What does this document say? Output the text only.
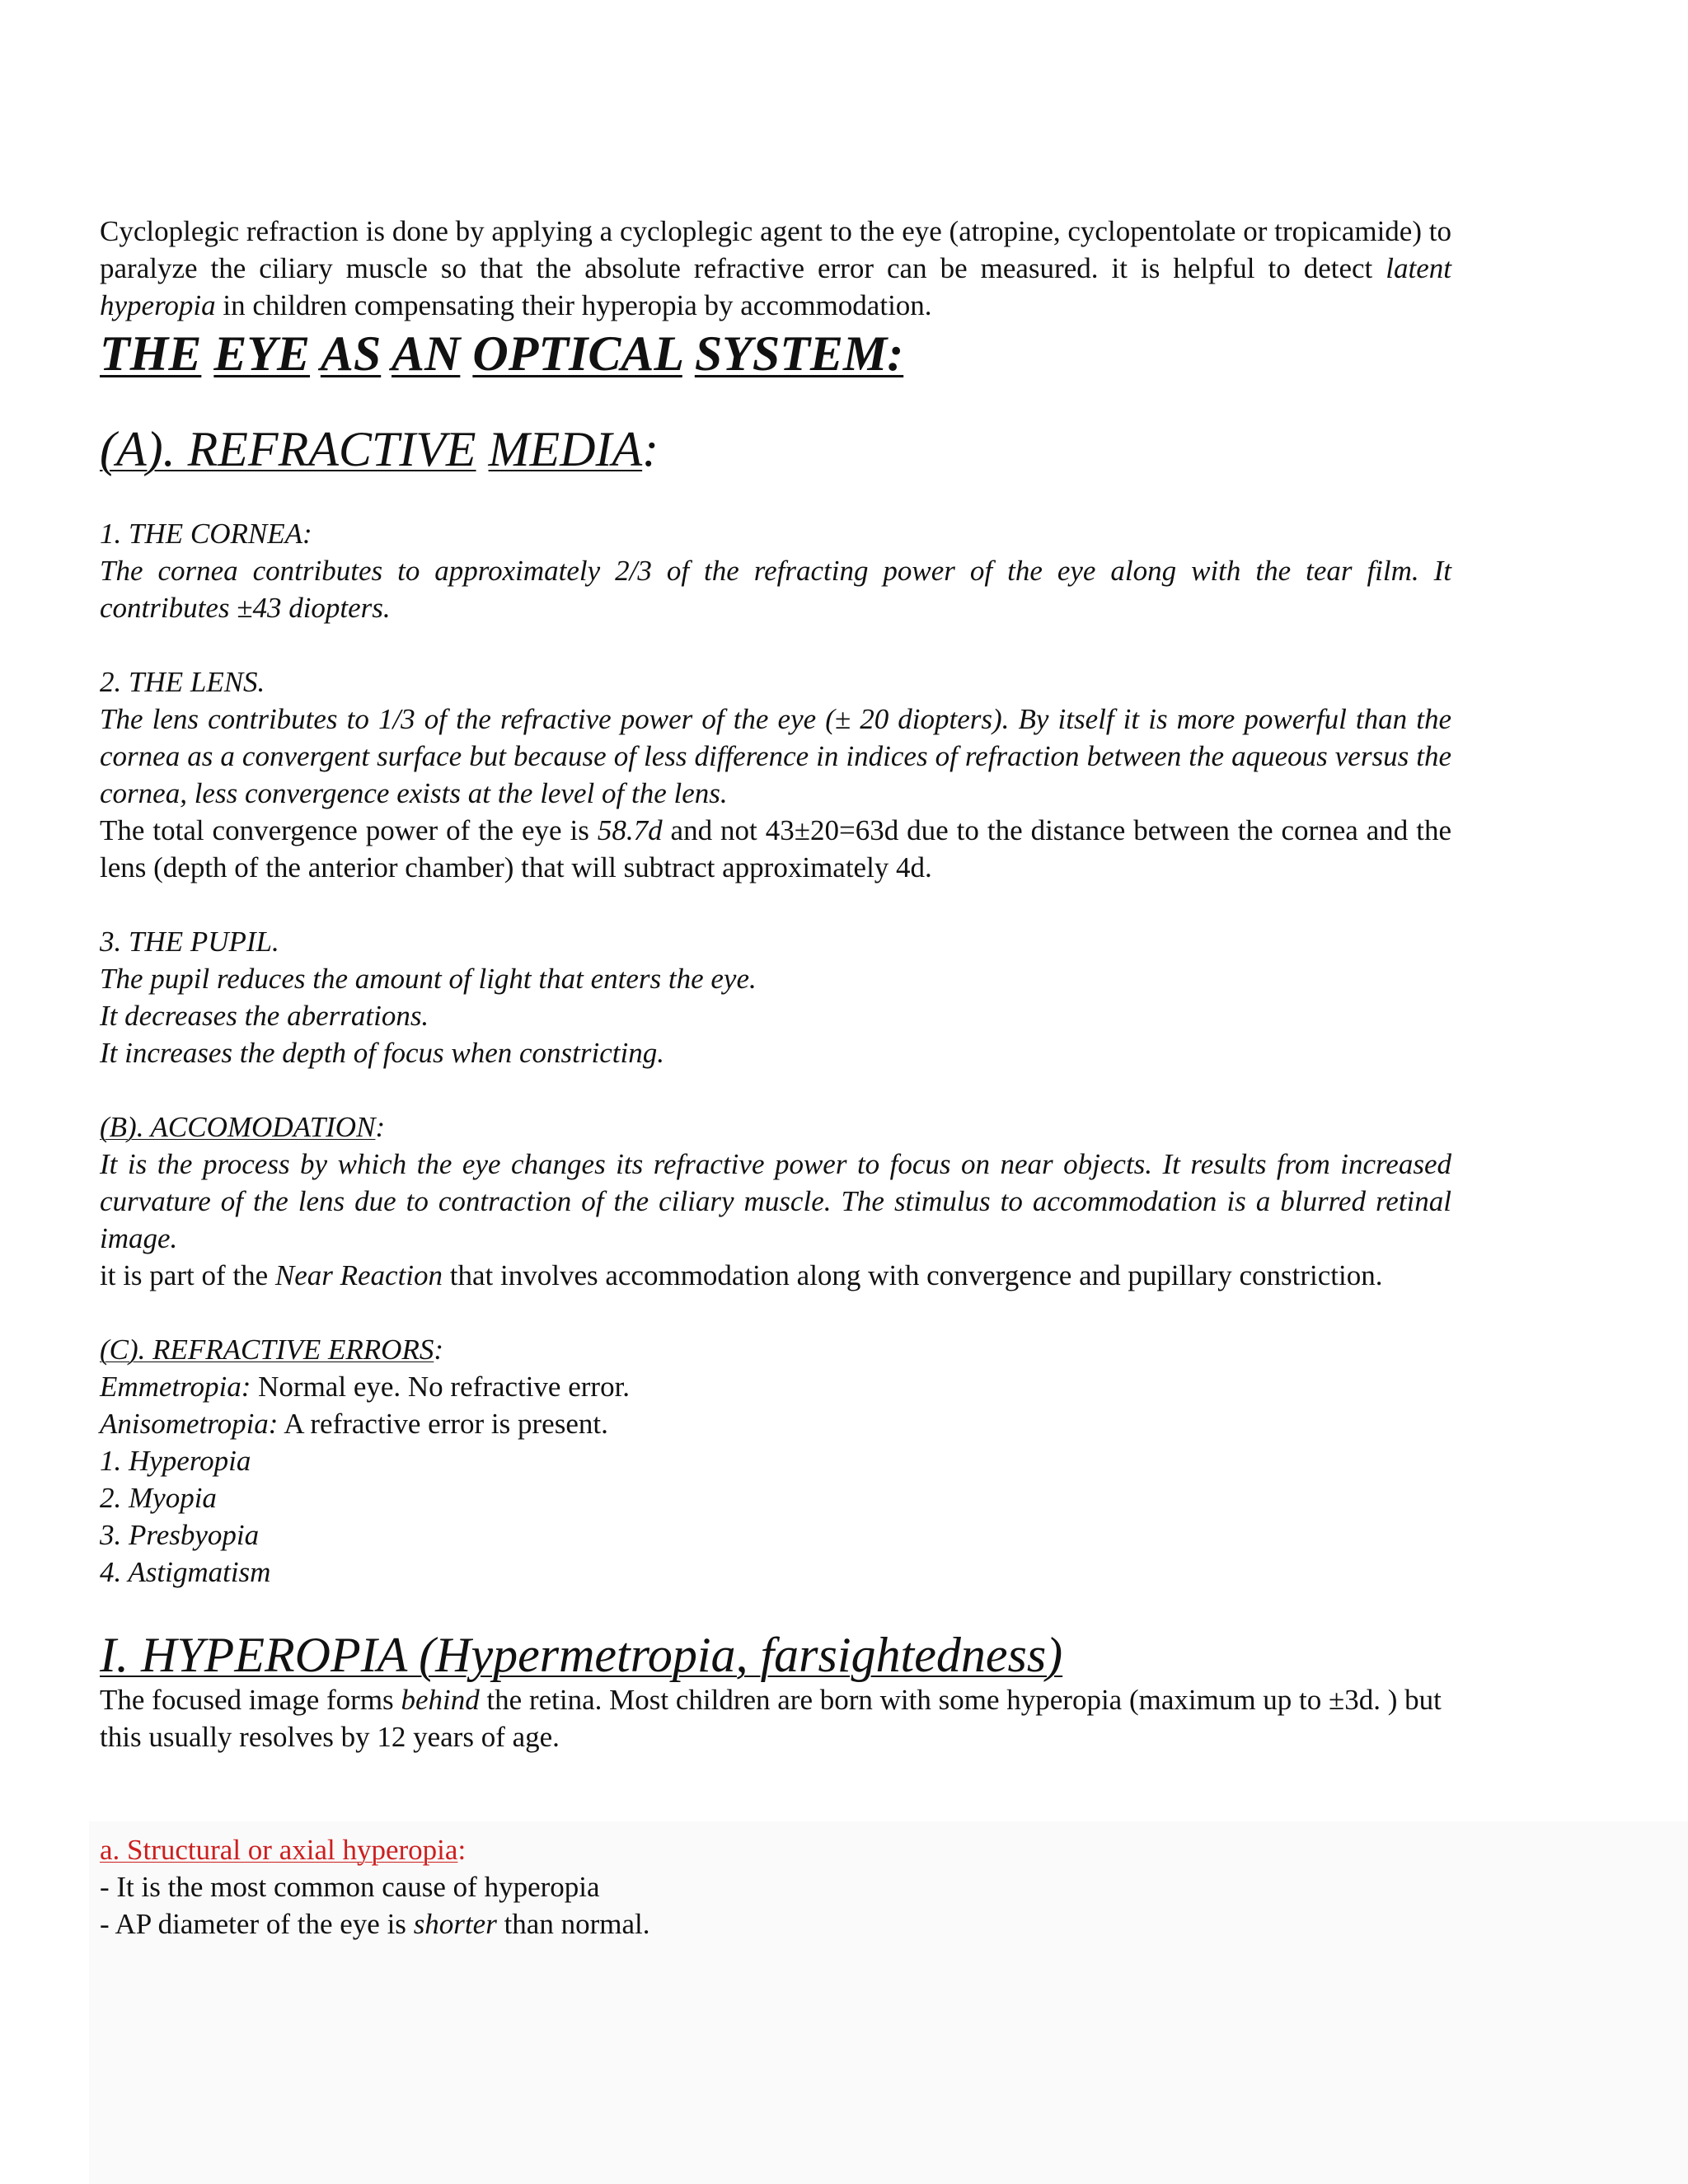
Cycloplegic refraction is done by applying a cycloplegic agent to the eye (atropine, cyclopentolate or tropicamide) to paralyze the ciliary muscle so that the absolute refractive error can be measured. it is helpful to detect latent hyperopia in children compensating their hyperopia by accommodation.

THE EYE AS AN OPTICAL SYSTEM:

(A). REFRACTIVE MEDIA:

1. THE CORNEA:

The cornea contributes to approximately 2/3 of the refracting power of the eye along with the tear film. It contributes ±43 diopters.

2. THE LENS.

The lens contributes to 1/3 of the refractive power of the eye (± 20 diopters). By itself it is more powerful than the cornea as a convergent surface but because of less difference in indices of refraction between the aqueous versus the cornea, less convergence exists at the level of the lens.

The total convergence power of the eye is 58.7d and not 43±20=63d due to the distance between the cornea and the lens (depth of the anterior chamber) that will subtract approximately 4d.

3. THE PUPIL.

The pupil reduces the amount of light that enters the eye.

It decreases the aberrations.

It increases the depth of focus when constricting.

(B). ACCOMODATION:

It is the process by which the eye changes its refractive power to focus on near objects. It results from increased curvature of the lens due to contraction of the ciliary muscle. The stimulus to accommodation is a blurred retinal image.

it is part of the Near Reaction that involves accommodation along with convergence and pupillary constriction.

(C). REFRACTIVE ERRORS:

Emmetropia: Normal eye. No refractive error.

Anisometropia: A refractive error is present.

1. Hyperopia

2. Myopia

3. Presbyopia

4. Astigmatism

I. HYPEROPIA (Hypermetropia, farsightedness)

The focused image forms behind the retina. Most children are born with some hyperopia (maximum up to ±3d. ) but this usually resolves by 12 years of age.

a. Structural or axial hyperopia:

- It is the most common cause of hyperopia

- AP diameter of the eye is shorter than normal.
